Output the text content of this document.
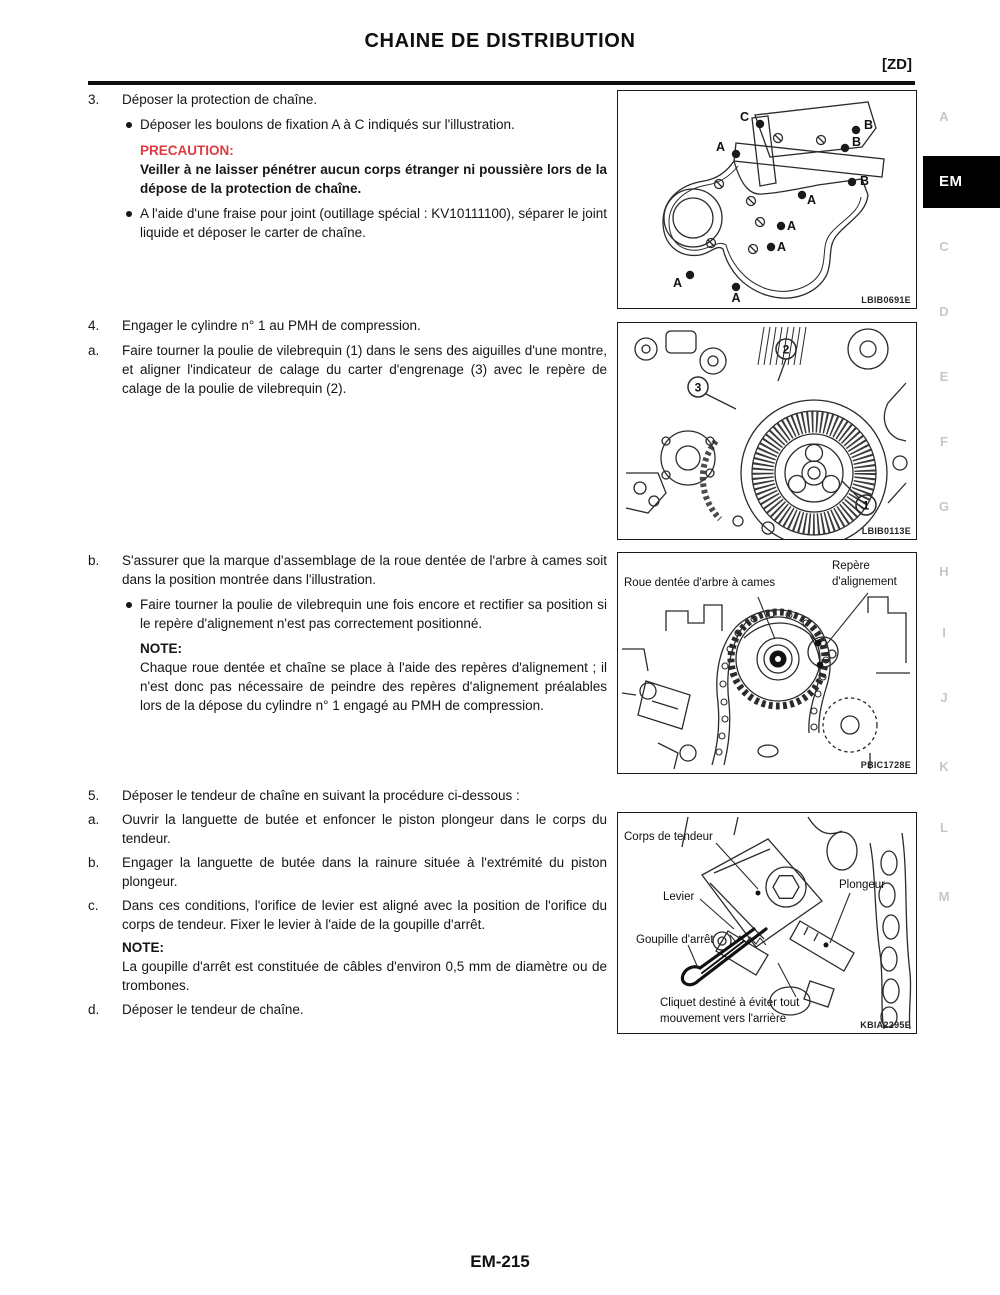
CHAINE DE DISTRIBUTION
[ZD]
3. Déposer la protection de chaîne.
Déposer les boulons de fixation A à C indiqués sur l'illustration.
PRECAUTION:
Veiller à ne laisser pénétrer aucun corps étranger ni poussière lors de la dépose de la protection de chaîne.
A l'aide d'une fraise pour joint (outillage spécial : KV10111100), séparer le joint liquide et déposer le carter de chaîne.
4. Engager le cylindre n° 1 au PMH de compression.
a. Faire tourner la poulie de vilebrequin (1) dans le sens des aiguilles d'une montre, et aligner l'indicateur de calage du carter d'engrenage (3) avec le repère de calage de la poulie de vilebrequin (2).
b. S'assurer que la marque d'assemblage de la roue dentée de l'arbre à cames soit dans la position montrée dans l'illustration.
Faire tourner la poulie de vilebrequin une fois encore et rectifier sa position si le repère d'alignement n'est pas correctement positionné.
NOTE:
Chaque roue dentée et chaîne se place à l'aide des repères d'alignement ; il n'est donc pas nécessaire de peindre des repères d'alignement préalables lors de la dépose du cylindre n° 1 engagé au PMH de compression.
5. Déposer le tendeur de chaîne en suivant la procédure ci-dessous :
a. Ouvrir la languette de butée et enfoncer le piston plongeur dans le corps du tendeur.
b. Engager la languette de butée dans la rainure située à l'extrémité du piston plongeur.
c. Dans ces conditions, l'orifice de levier est aligné avec la position de l'orifice du corps de tendeur. Fixer le levier à l'aide de la goupille d'arrêt.
NOTE:
La goupille d'arrêt est constituée de câbles d'environ 0,5 mm de diamètre ou de trombones.
d. Déposer le tendeur de chaîne.
C
A
B
B
B
A
A
A
A
A	LBIB0691E
2
3
1
LBIB0113E
Roue dentée d'arbre à cames
Repère d'alignement
PBIC1728E
Corps de tendeur
Levier
Goupille d'arrêt
Plongeur
Cliquet destiné à éviter tout mouvement vers l'arrière	KBIA2295E
A
EM
C
D
E
F
G
H
I
J
K
L
M
EM-215
